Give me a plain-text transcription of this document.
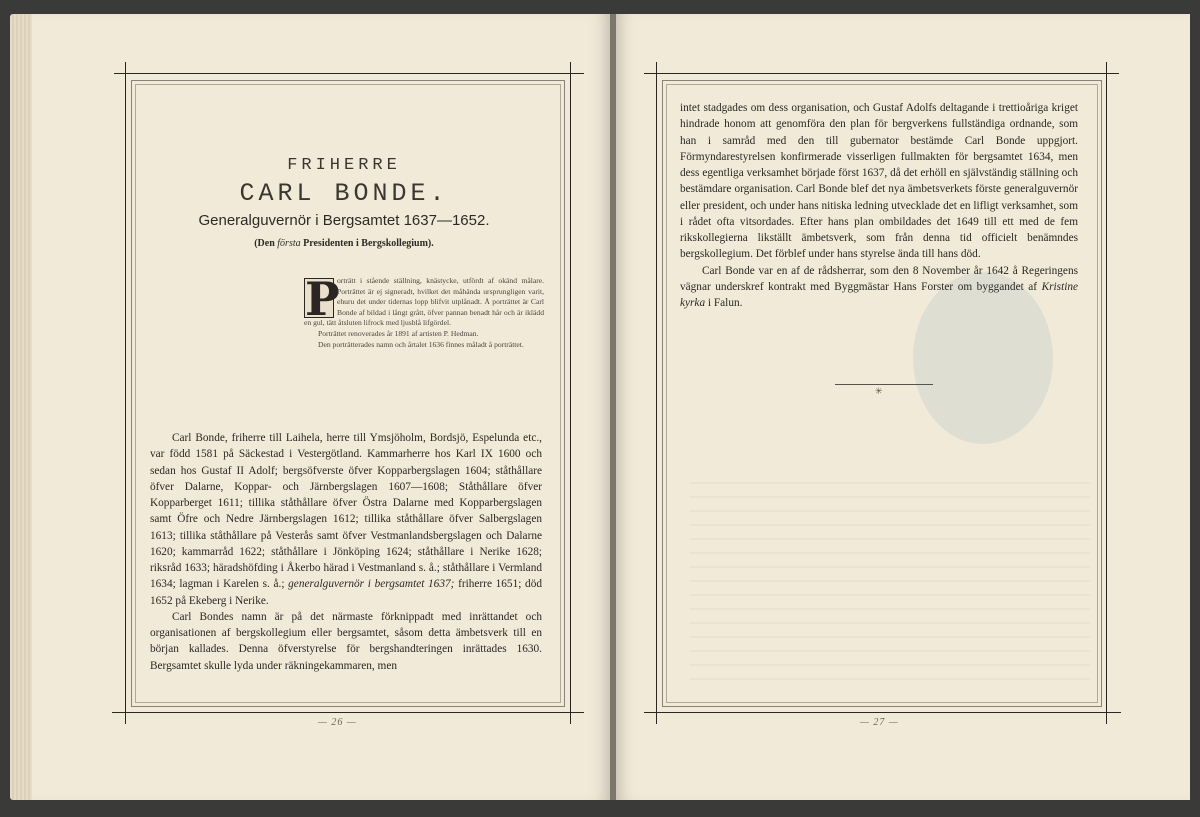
FRIHERRE
CARL BONDE.
Generalguvernör i Bergsamtet 1637—1652.
(Den första Presidenten i Bergskollegium).
P

orträtt i stående ställning, knästycke, utfördt af okänd målare. Porträttet är ej signeradt, hvilket det måhända ursprungligen varit, ehuru det under tidernas lopp blifvit utplånadt. Å porträttet är Carl Bonde af bildad i långt grått, öfver pannan benadt hår och är iklädd en gul, tätt åtsluten lifrock med ljusblå lifgördel.

Porträttet renoverades år 1891 af artisten P. Hedman.

Den porträtterades namn och årtalet 1636 finnes måladt å porträttet.

Carl Bonde, friherre till Laihela, herre till Ymsjöholm, Bordsjö, Espelunda etc., var född 1581 på Säckestad i Vestergötland. Kammarherre hos Karl IX 1600 och sedan hos Gustaf II Adolf; bergsöfverste öfver Kopparbergslagen 1604; ståthållare öfver Dalarne, Koppar- och Järnbergslagen 1607—1608; Ståthållare öfver Kopparberget 1611; tillika ståthållare öfver Östra Dalarne med Kopparbergslagen samt Öfre och Nedre Järnbergslagen 1612; tillika ståthållare öfver Salbergslagen 1613; tillika ståthållare på Vesterås samt öfver Vestmanlandsbergslagen och Dalarne 1620; kammarråd 1622; ståthållare i Jönköping 1624; ståthållare i Nerike 1628; riksråd 1633; häradshöfding i Åkerbo härad i Vestmanland s. å.; ståthållare i Vermland 1634; lagman i Karelen s. å.; generalguvernör i bergsamtet 1637; friherre 1651; död 1652 på Ekeberg i Nerike.

Carl Bondes namn är på det närmaste förknippadt med inrättandet och organisationen af bergskollegium eller bergsamtet, såsom detta ämbetsverk till en början kallades. Denna öfverstyrelse för bergshandteringen inrättades 1630. Bergsamtet skulle lyda under räkningekammaren, men

— 26 —

intet stadgades om dess organisation, och Gustaf Adolfs deltagande i trettioåriga kriget hindrade honom att genomföra den plan för bergverkens fullständiga ordnande, som han i samråd med den till gubernator bestämde Carl Bonde uppgjort. Förmyndarestyrelsen konfirmerade visserligen fullmakten för bergsamtet 1634, men dess egentliga verksamhet började först 1637, då det erhöll en självständig ställning och bestämdare organisation. Carl Bonde blef det nya ämbetsverkets förste generalguvernör eller president, och under hans nitiska ledning utvecklade det en lifligt verksamhet, som i rådet ofta vitsordades. Efter hans plan ombildades det 1649 till ett med de fem rikskollegierna likställt ämbetsverk, som från denna tid officielt benämndes bergskollegium. Det förblef under hans styrelse ända till hans död.

Carl Bonde var en af de rådsherrar, som den 8 November år 1642 å Regeringens vägnar underskref kontrakt med Byggmästar Hans Forster om byggandet af Kristine kyrka i Falun.

✳
— 27 —
